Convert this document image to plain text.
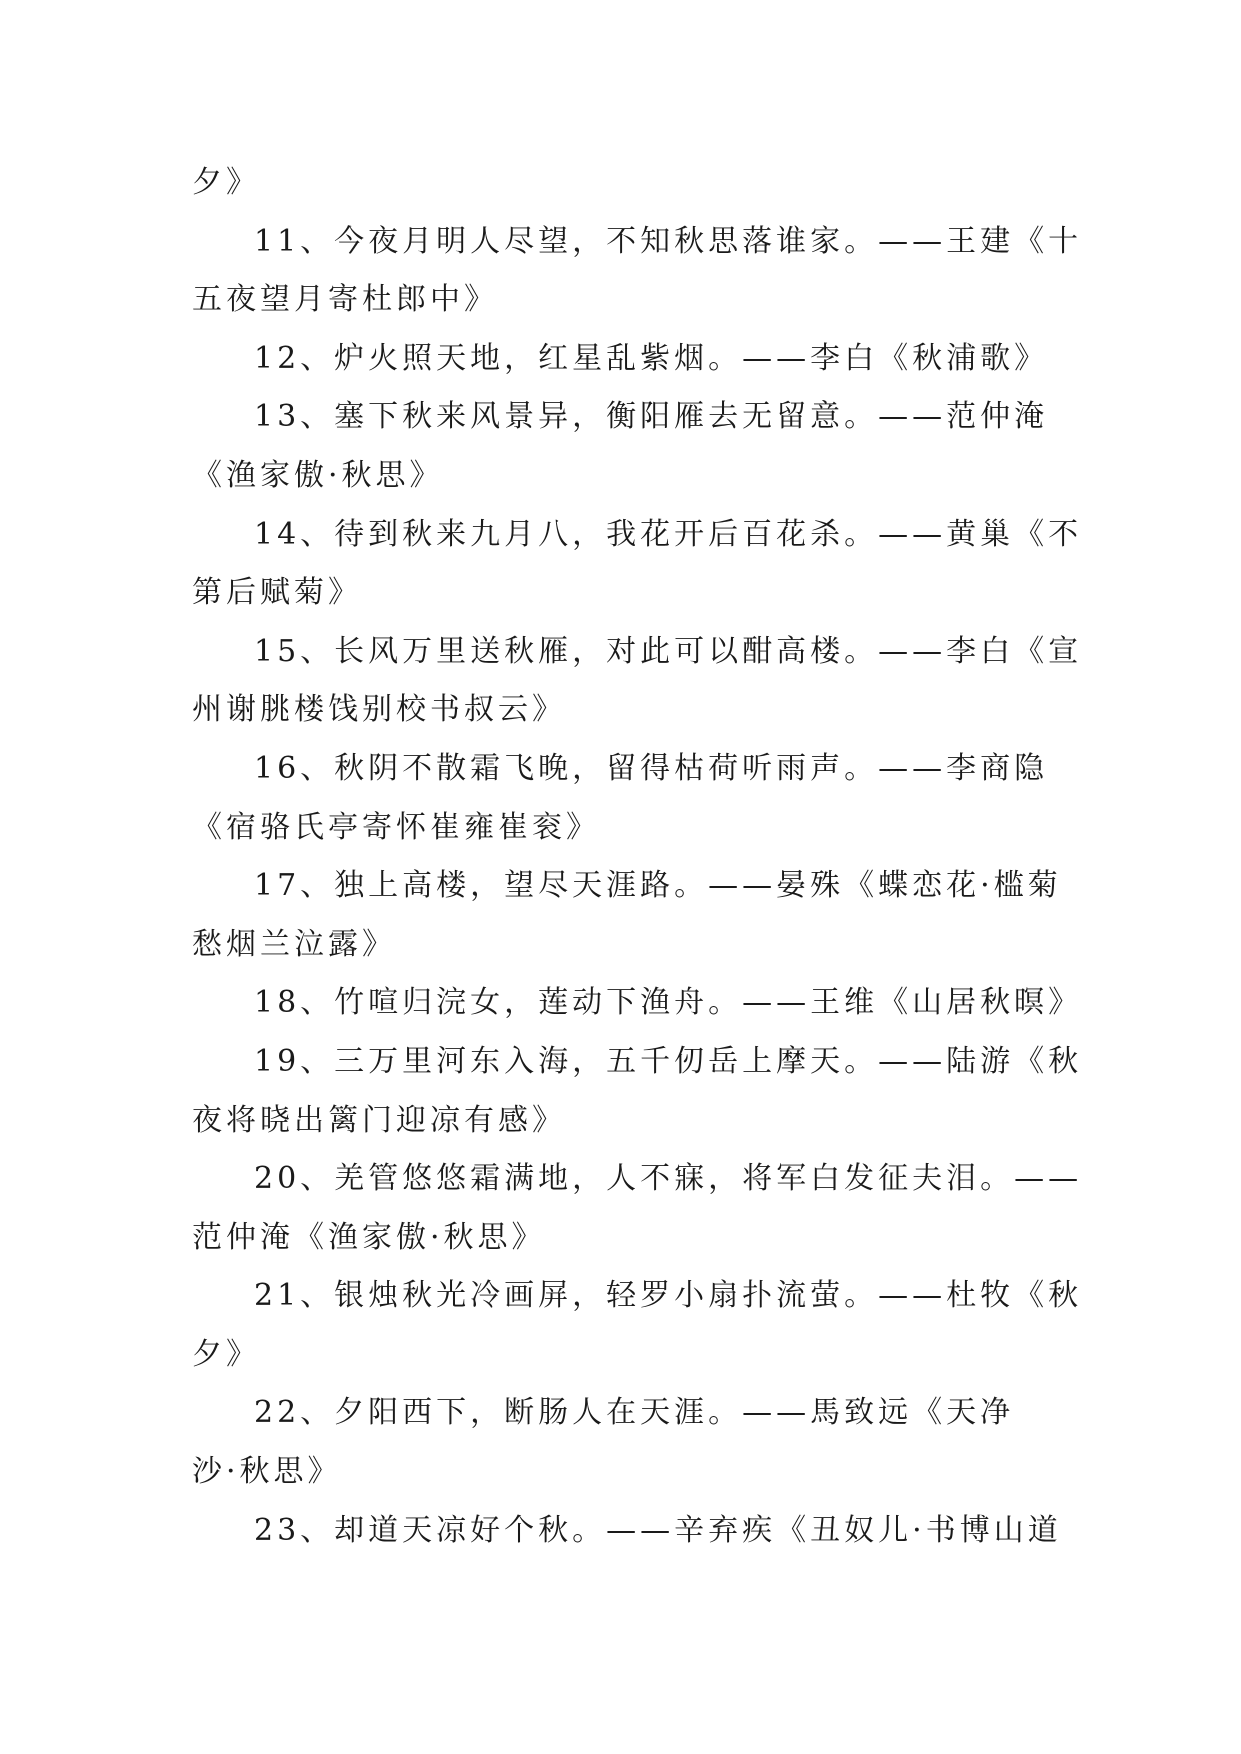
夕》
11、今夜月明人尽望，不知秋思落谁家。——王建《十
五夜望月寄杜郎中》
12、炉火照天地，红星乱紫烟。——李白《秋浦歌》
13、塞下秋来风景异，衡阳雁去无留意。——范仲淹
《渔家傲·秋思》
14、待到秋来九月八，我花开后百花杀。——黄巢《不
第后赋菊》
15、长风万里送秋雁，对此可以酣高楼。——李白《宣
州谢朓楼饯别校书叔云》
16、秋阴不散霜飞晚，留得枯荷听雨声。——李商隐
《宿骆氏亭寄怀崔雍崔衮》
17、独上高楼，望尽天涯路。——晏殊《蝶恋花·槛菊
愁烟兰泣露》
18、竹喧归浣女，莲动下渔舟。——王维《山居秋暝》
19、三万里河东入海，五千仞岳上摩天。——陆游《秋
夜将晓出篱门迎凉有感》
20、羌管悠悠霜满地，人不寐，将军白发征夫泪。——
范仲淹《渔家傲·秋思》
21、银烛秋光冷画屏，轻罗小扇扑流萤。——杜牧《秋
夕》
22、夕阳西下，断肠人在天涯。——馬致远《天净
沙·秋思》
23、却道天凉好个秋。——辛弃疾《丑奴儿·书博山道
